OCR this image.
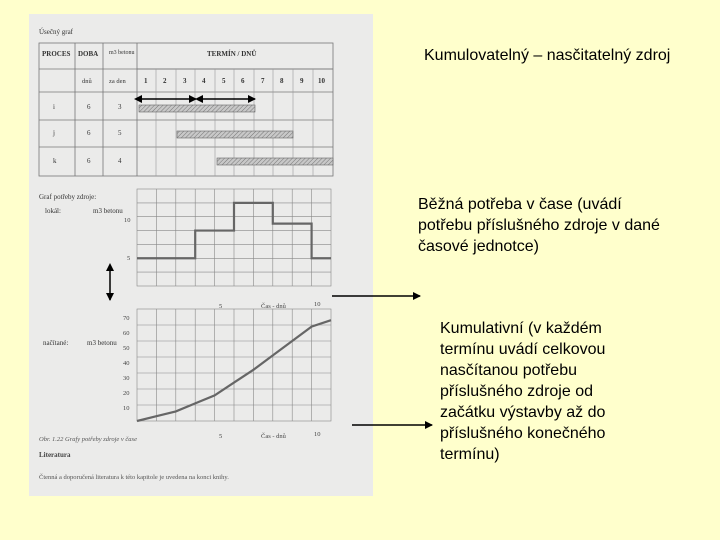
Úsečný graf
PROCES DOBA m3 betonu	TERMÍN / DNŮ
dnů	za den	1 2 3 4 5 6 7 8 9 10
i	6	3
j	6	5
k	6	4
Graf potřeby zdroje:
lokál:	m3 betonu
10
5
5	Čas - dnů	10
70
60
50
40
30
20
10
načítané:	m3 betonu
5	Čas - dnů	10
Obr. 1.22 Grafy potřeby zdroje v čase
Literatura
Čtenná a doporučená literatura k této kapitole je uvedena na konci knihy.

Kumulovatelný – nasčitatelný zdroj

Běžná potřeba v čase (uvádí potřebu příslušného zdroje v dané časové jednotce)

Kumulativní (v každém termínu uvádí celkovou nasčítanou potřebu příslušného zdroje od začátku výstavby až do příslušného konečného termínu)
